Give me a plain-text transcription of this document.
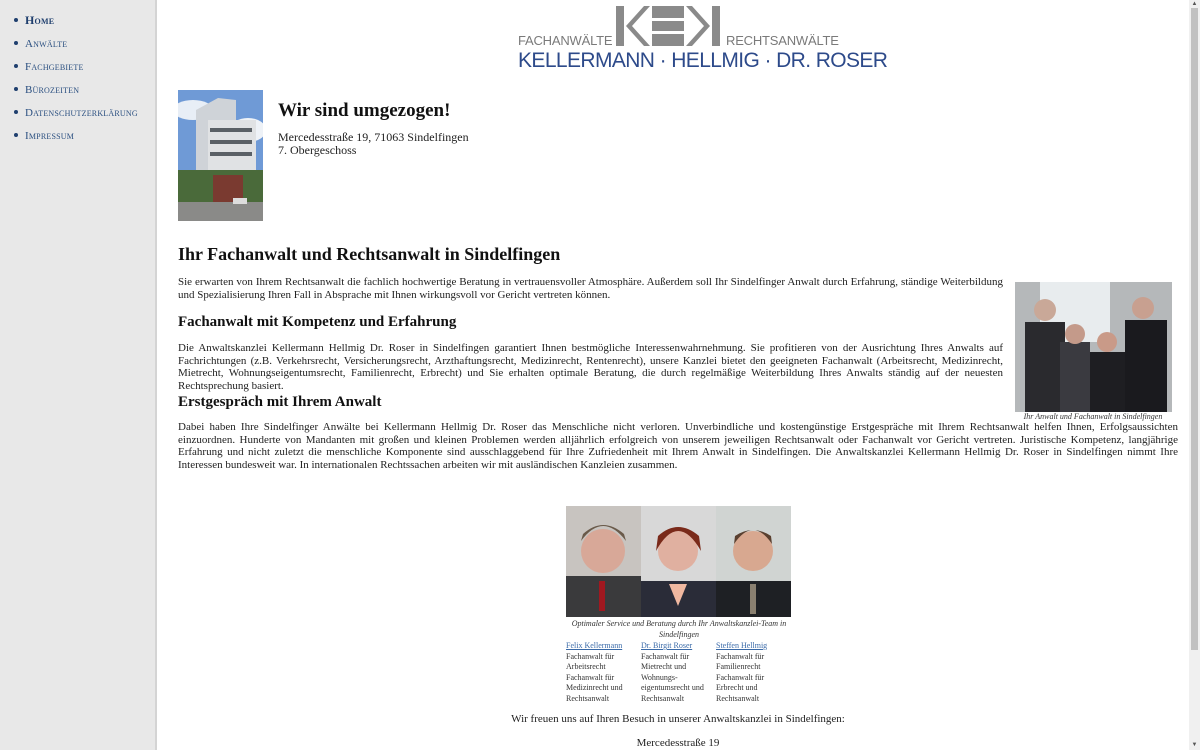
Home
Anwälte
Fachgebiete
Bürozeiten
Datenschutzerklärung
Impressum
FACHANWÄLTE	RECHTSANWÄLTE
KELLERMANN · HELLMIG · DR. ROSER
Wir sind umgezogen!
Mercedesstraße 19, 71063 Sindelfingen
7. Obergeschoss
Ihr Fachanwalt und Rechtsanwalt in Sindelfingen

Sie erwarten von Ihrem Rechtsanwalt die fachlich hochwertige Beratung in vertrauensvoller Atmosphäre. Außerdem soll Ihr Sindelfinger Anwalt durch Erfahrung, ständige Weiterbildung und Spezialisierung Ihren Fall in Absprache mit Ihnen wirkungsvoll vor Gericht vertreten können.

Fachanwalt mit Kompetenz und Erfahrung

Die Anwaltskanzlei Kellermann Hellmig Dr. Roser in Sindelfingen garantiert Ihnen bestmögliche Interessenwahrnehmung. Sie profitieren von der Ausrichtung Ihres Anwalts auf Fachrichtungen (z.B. Verkehrsrecht, Versicherungsrecht, Arzthaftungsrecht, Medizinrecht, Rentenrecht), unsere Kanzlei bietet den geeigneten Fachanwalt (Arbeitsrecht, Medizinrecht, Mietrecht, Wohnungseigentumsrecht, Familienrecht, Erbrecht) und Sie erhalten optimale Beratung, die durch regelmäßige Weiterbildung Ihres Anwalts ständig auf der neuesten Rechtsprechung basiert.

Ihr Anwalt und Fachanwalt in Sindelfingen
Erstgespräch mit Ihrem Anwalt

Dabei haben Ihre Sindelfinger Anwälte bei Kellermann Hellmig Dr. Roser das Menschliche nicht verloren. Unverbindliche und kostengünstige Erstgespräche mit Ihrem Rechtsanwalt helfen Ihnen, Erfolgsaussichten einzuordnen. Hunderte von Mandanten mit großen und kleinen Problemen werden alljährlich erfolgreich von unserem jeweiligen Rechtsanwalt oder Fachanwalt vor Gericht vertreten. Juristische Kompetenz, langjährige Erfahrung und nicht zuletzt die menschliche Komponente sind ausschlaggebend für Ihre Zufriedenheit mit Ihrem Anwalt in Sindelfingen. Die Anwaltskanzlei Kellermann Hellmig Dr. Roser in Sindelfingen nimmt Ihre Interessen bundesweit war. In internationalen Rechtssachen arbeiten wir mit ausländischen Kanzleien zusammen.

Optimaler Service und Beratung durch Ihr Anwaltskanzlei-Team in Sindelfingen
Felix Kellermann
Fachanwalt für Arbeitsrecht Fachanwalt für Medizinrecht und Rechtsanwalt
Dr. Birgit Roser
Fachanwalt für Mietrecht und Wohnungs-eigentumsrecht und Rechtsanwalt
Steffen Hellmig
Fachanwalt für Familienrecht Fachanwalt für Erbrecht und Rechtsanwalt
Wir freuen uns auf Ihren Besuch in unserer Anwaltskanzlei in Sindelfingen:
Mercedesstraße 19
▲
▼
